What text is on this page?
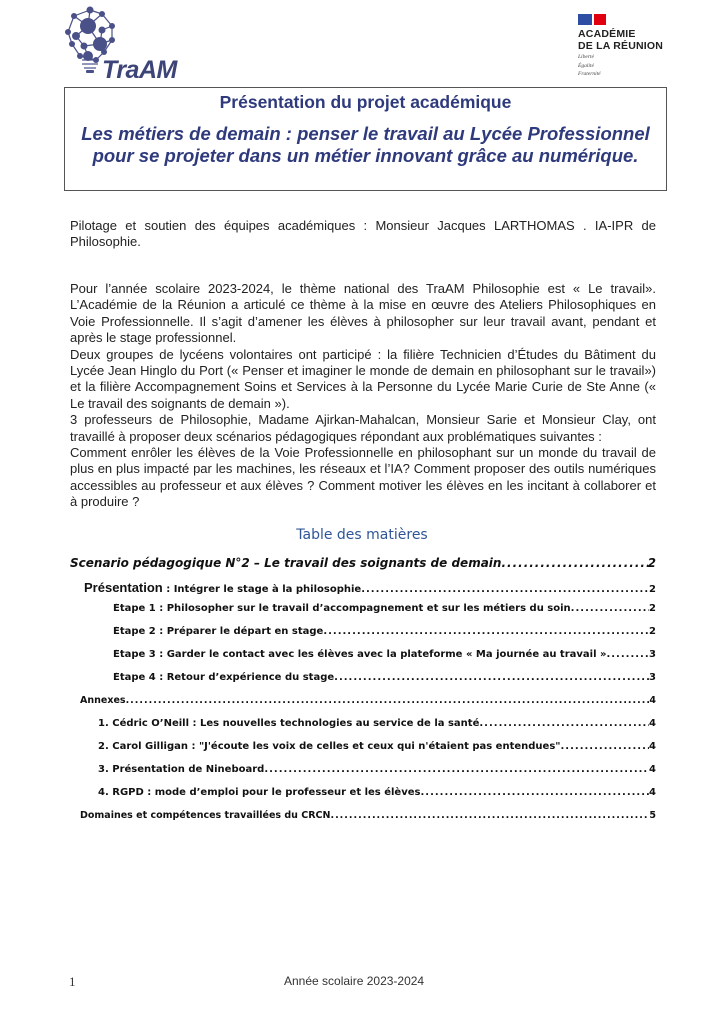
TraAM
ACADÉMIE
DE LA RÉUNION
Liberté
Égalité
Fraternité
Présentation du projet académique
Les métiers de demain : penser le travail au Lycée Professionnel pour se projeter dans un métier innovant grâce au numérique.

Pilotage et soutien des équipes académiques : Monsieur Jacques LARTHOMAS . IA-IPR de Philosophie.

Pour l’année scolaire 2023-2024, le thème national des TraAM Philosophie est « Le travail». L’Académie de la Réunion a articulé ce thème à la mise en œuvre des Ateliers Philosophiques en Voie Professionnelle. Il s’agit d’amener les élèves à philosopher sur leur travail avant, pendant et après le stage professionnel.

Deux groupes de lycéens volontaires ont participé : la filière Technicien d’Études du Bâtiment du Lycée Jean Hinglo du Port (« Penser et imaginer le monde de demain en philosophant sur le travail») et la filière Accompagnement Soins et Services à la Personne du Lycée Marie Curie de Ste Anne (« Le travail des soignants de demain »).

3 professeurs de Philosophie, Madame Ajirkan-Mahalcan, Monsieur Sarie et Monsieur Clay, ont travaillé à proposer deux scénarios pédagogiques répondant aux problématiques suivantes :

Comment enrôler les élèves de la Voie Professionnelle en philosophant sur un monde du travail de plus en plus impacté par les machines, les réseaux et l’IA? Comment proposer des outils numériques accessibles au professeur et aux élèves ? Comment motiver les élèves en les incitant à collaborer et à produire ?

Table des matières
Scenario pédagogique N°2 – Le travail des soignants de demain .....	2
Présentation : Intégrer le stage à la philosophie .....	2
Étape 1 : Philosopher sur le travail d’accompagnement et sur les métiers du soin .....	2
Étape 2 : Préparer le départ en stage .....	2
Étape 3 : Garder le contact avec les élèves avec la plateforme « Ma journée au travail » .....	3
Étape 4 : Retour d’expérience du stage .....	3
Annexes .....	4
1. Cédric O’Neill : Les nouvelles technologies au service de la santé .....	4
2. Carol Gilligan : "J'écoute les voix de celles et ceux qui n'étaient pas entendues" .....	4
3. Présentation de Nineboard .....	4
4. RGPD : mode d’emploi pour le professeur et les élèves .....	4
Domaines et compétences travaillées du CRCN .....	5
1	Année scolaire 2023-2024
